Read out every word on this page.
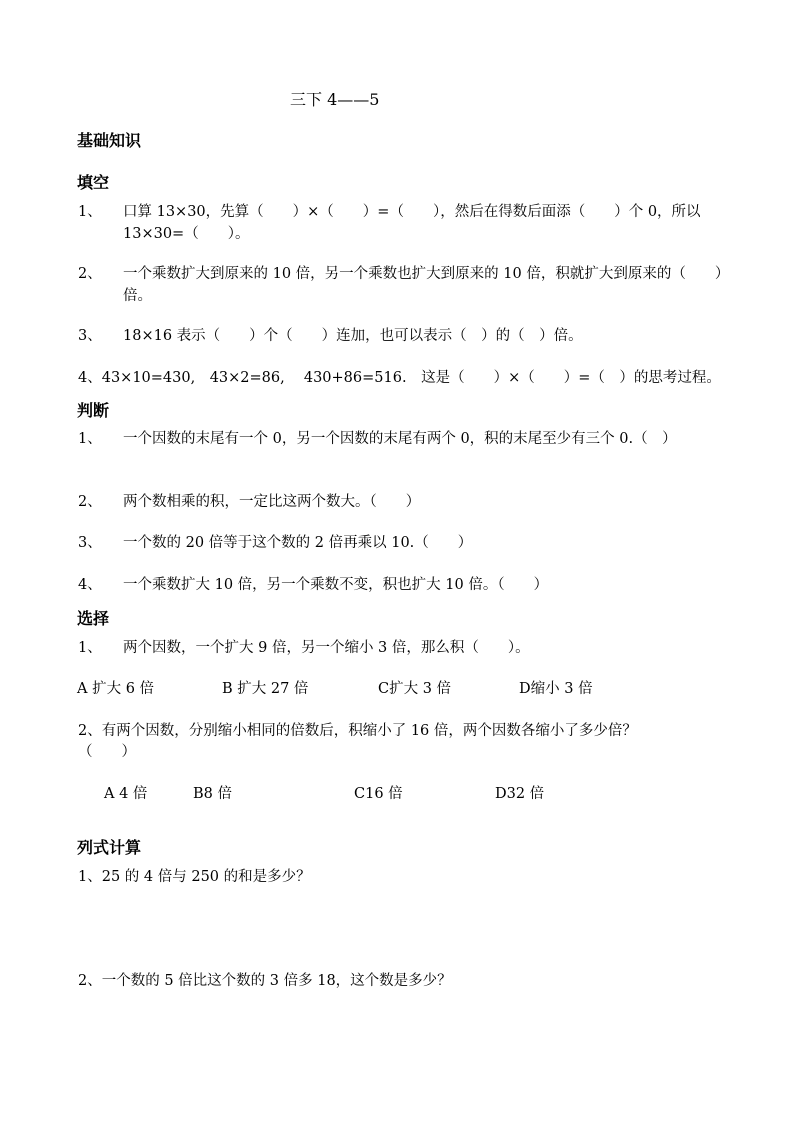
三下 4——5
基础知识
填空
1、 口算 13×30，先算（　　）×（　　）=（　　），然后在得数后面添（　　）个 0，所以 13×30=（　　）。
2、 一个乘数扩大到原来的 10 倍，另一个乘数也扩大到原来的 10 倍，积就扩大到原来的（　　）倍。
3、 18×16 表示（　　）个（　　）连加，也可以表示（　）的（　）倍。
4、43×10=430,　43×2=86,　 430+86=516.　这是（　　）×（　　）=（　）的思考过程。
判断
1、 一个因数的末尾有一个 0，另一个因数的末尾有两个 0，积的末尾至少有三个 0.（　）
2、 两个数相乘的积，一定比这两个数大。（　　）
3、 一个数的 20 倍等于这个数的 2 倍再乘以 10.（　　）
4、 一个乘数扩大 10 倍，另一个乘数不变，积也扩大 10 倍。（　　）
选择
1、 两个因数，一个扩大 9 倍，另一个缩小 3 倍，那么积（　　）。
A 扩大 6 倍	B 扩大 27 倍	C扩大 3 倍	D缩小 3 倍
2、有两个因数，分别缩小相同的倍数后，积缩小了 16 倍，两个因数各缩小了多少倍？
（　　）
A 4 倍	B8 倍	C16 倍	D32 倍
列式计算
1、25 的 4 倍与 250 的和是多少？
2、一个数的 5 倍比这个数的 3 倍多 18，这个数是多少？
